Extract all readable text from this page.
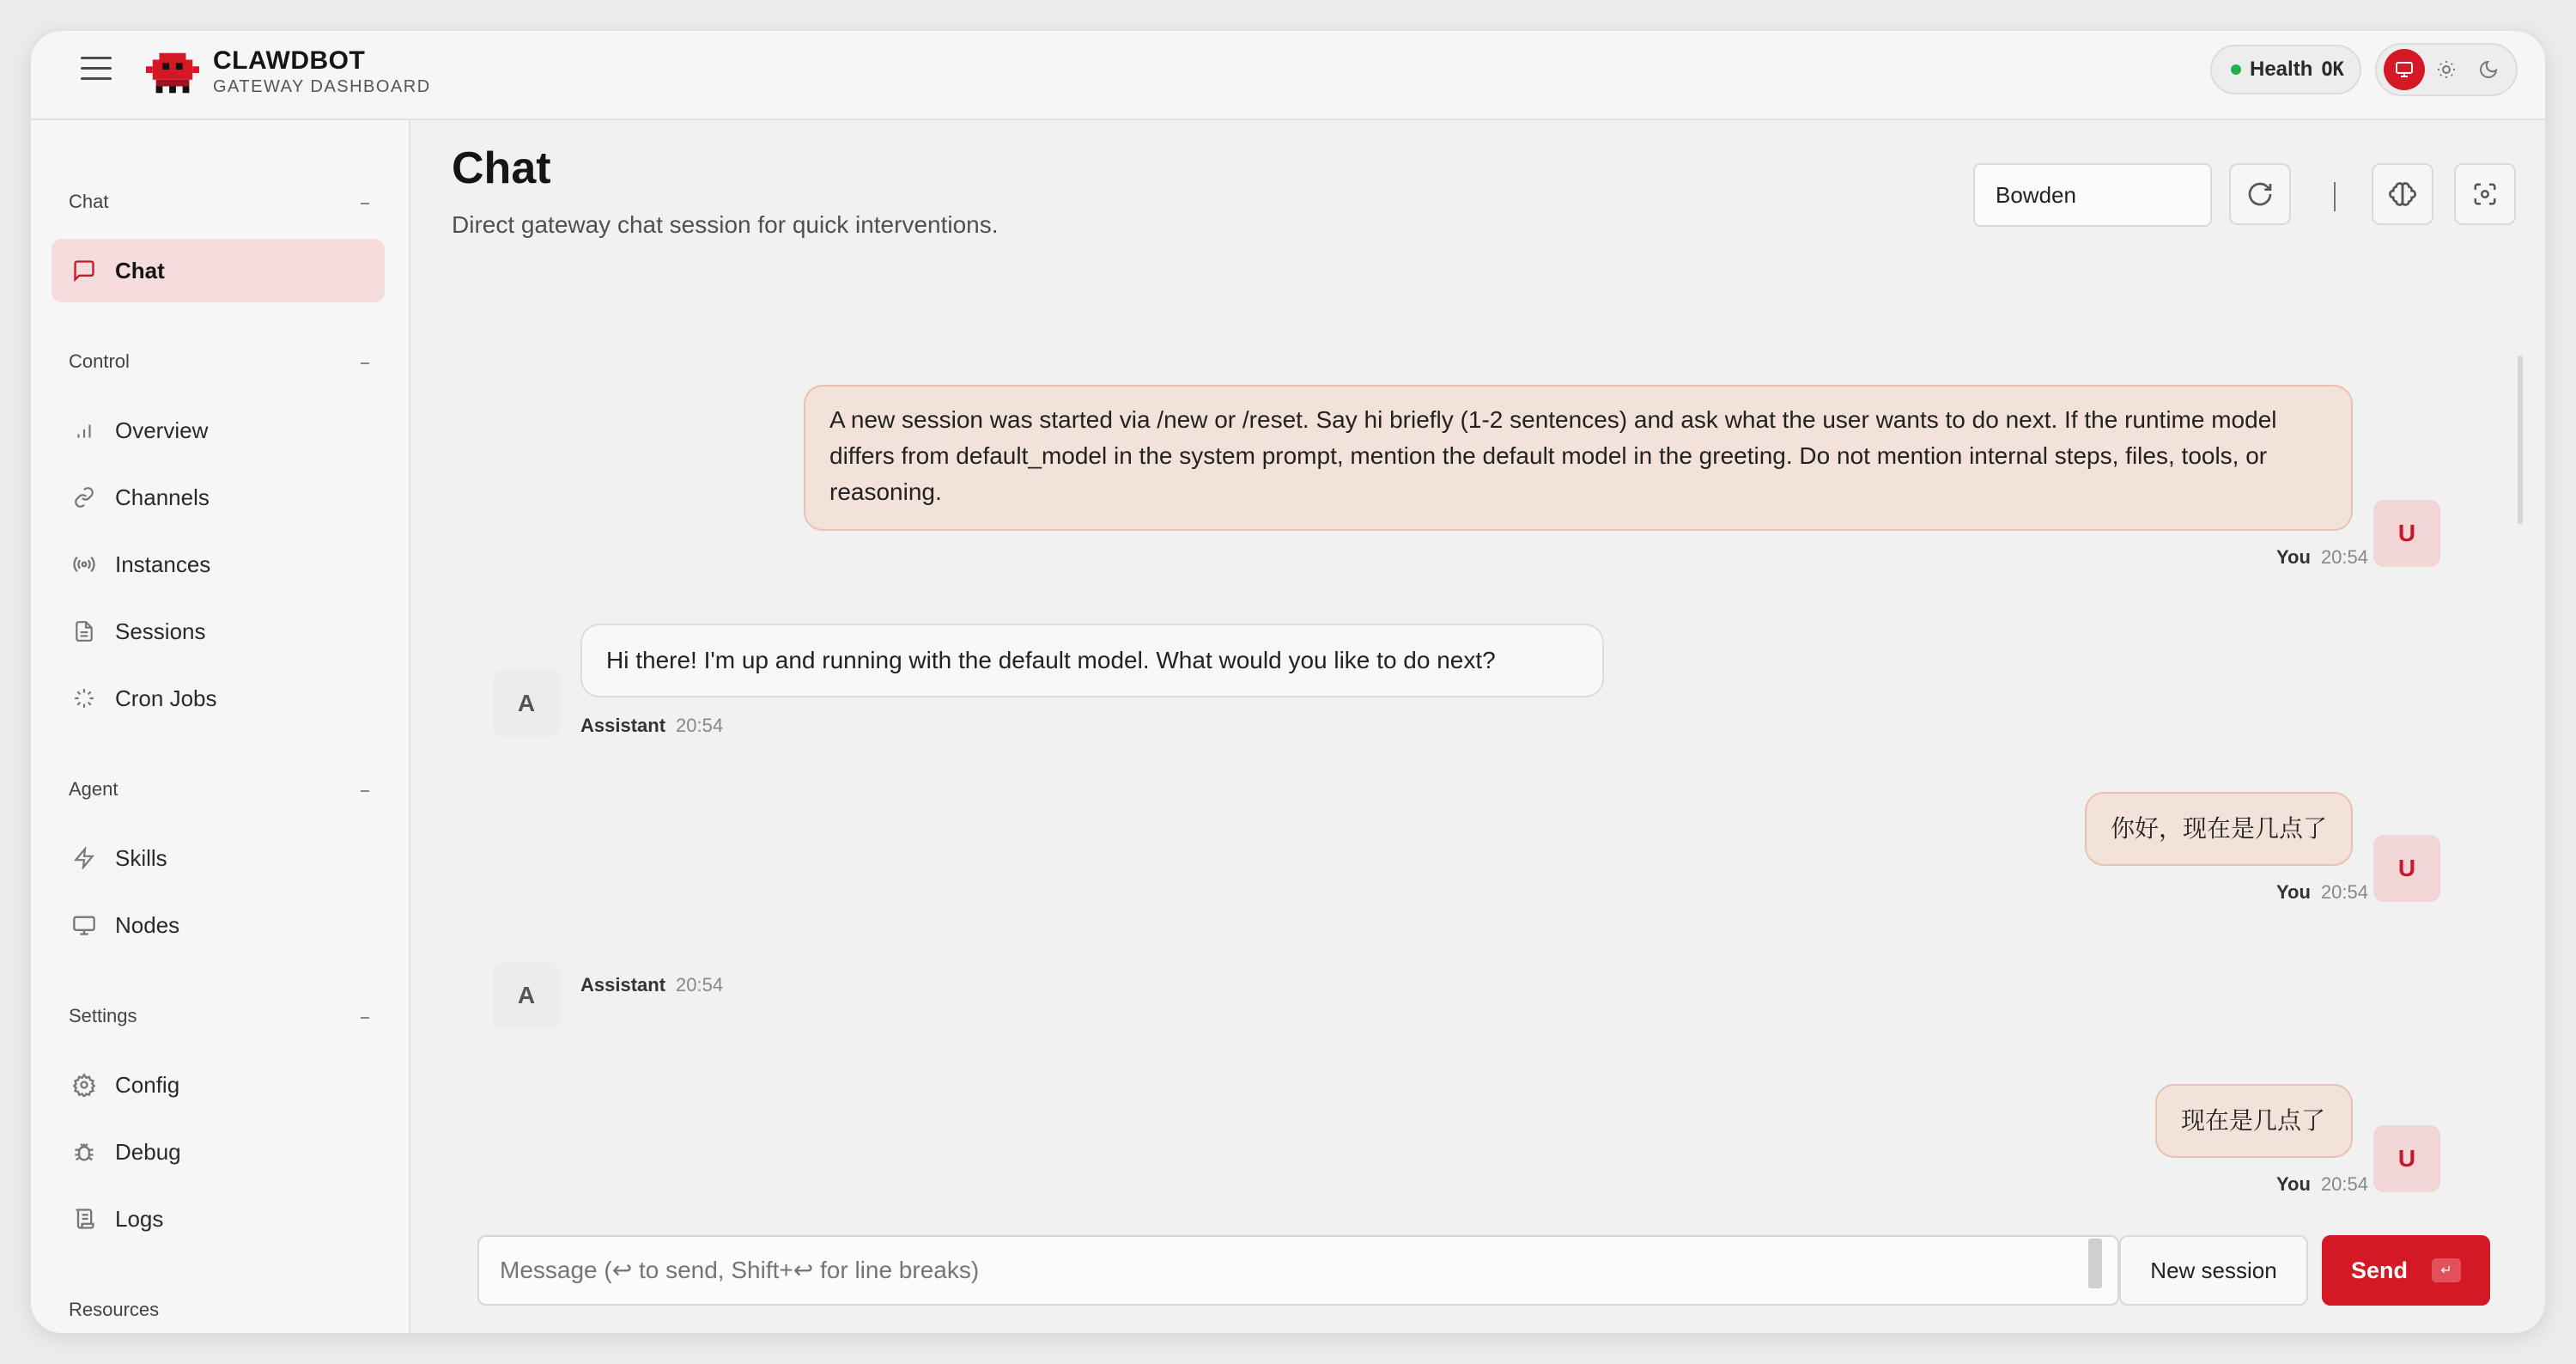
CLAWDBOT
GATEWAY DASHBOARD
Health OK
Chat
Chat
Control
Overview
Channels
Instances
Sessions
Cron Jobs
Agent
Skills
Nodes
Settings
Config
Debug
Logs
Resources
Chat
Direct gateway chat session for quick interventions.
Bowden
A new session was started via /new or /reset. Say hi briefly (1-2 sentences) and ask what the user wants to do next. If the runtime model differs from default_model in the system prompt, mention the default model in the greeting. Do not mention internal steps, files, tools, or reasoning.
U
You 20:54
A
Hi there! I'm up and running with the default model. What would you like to do next?
Assistant 20:54
你好，现在是几点了
U
You 20:54
A	Assistant 20:54
现在是几点了
U
You 20:54
Message (↩ to send, Shift+↩ for line breaks)
New session	Send	↵
